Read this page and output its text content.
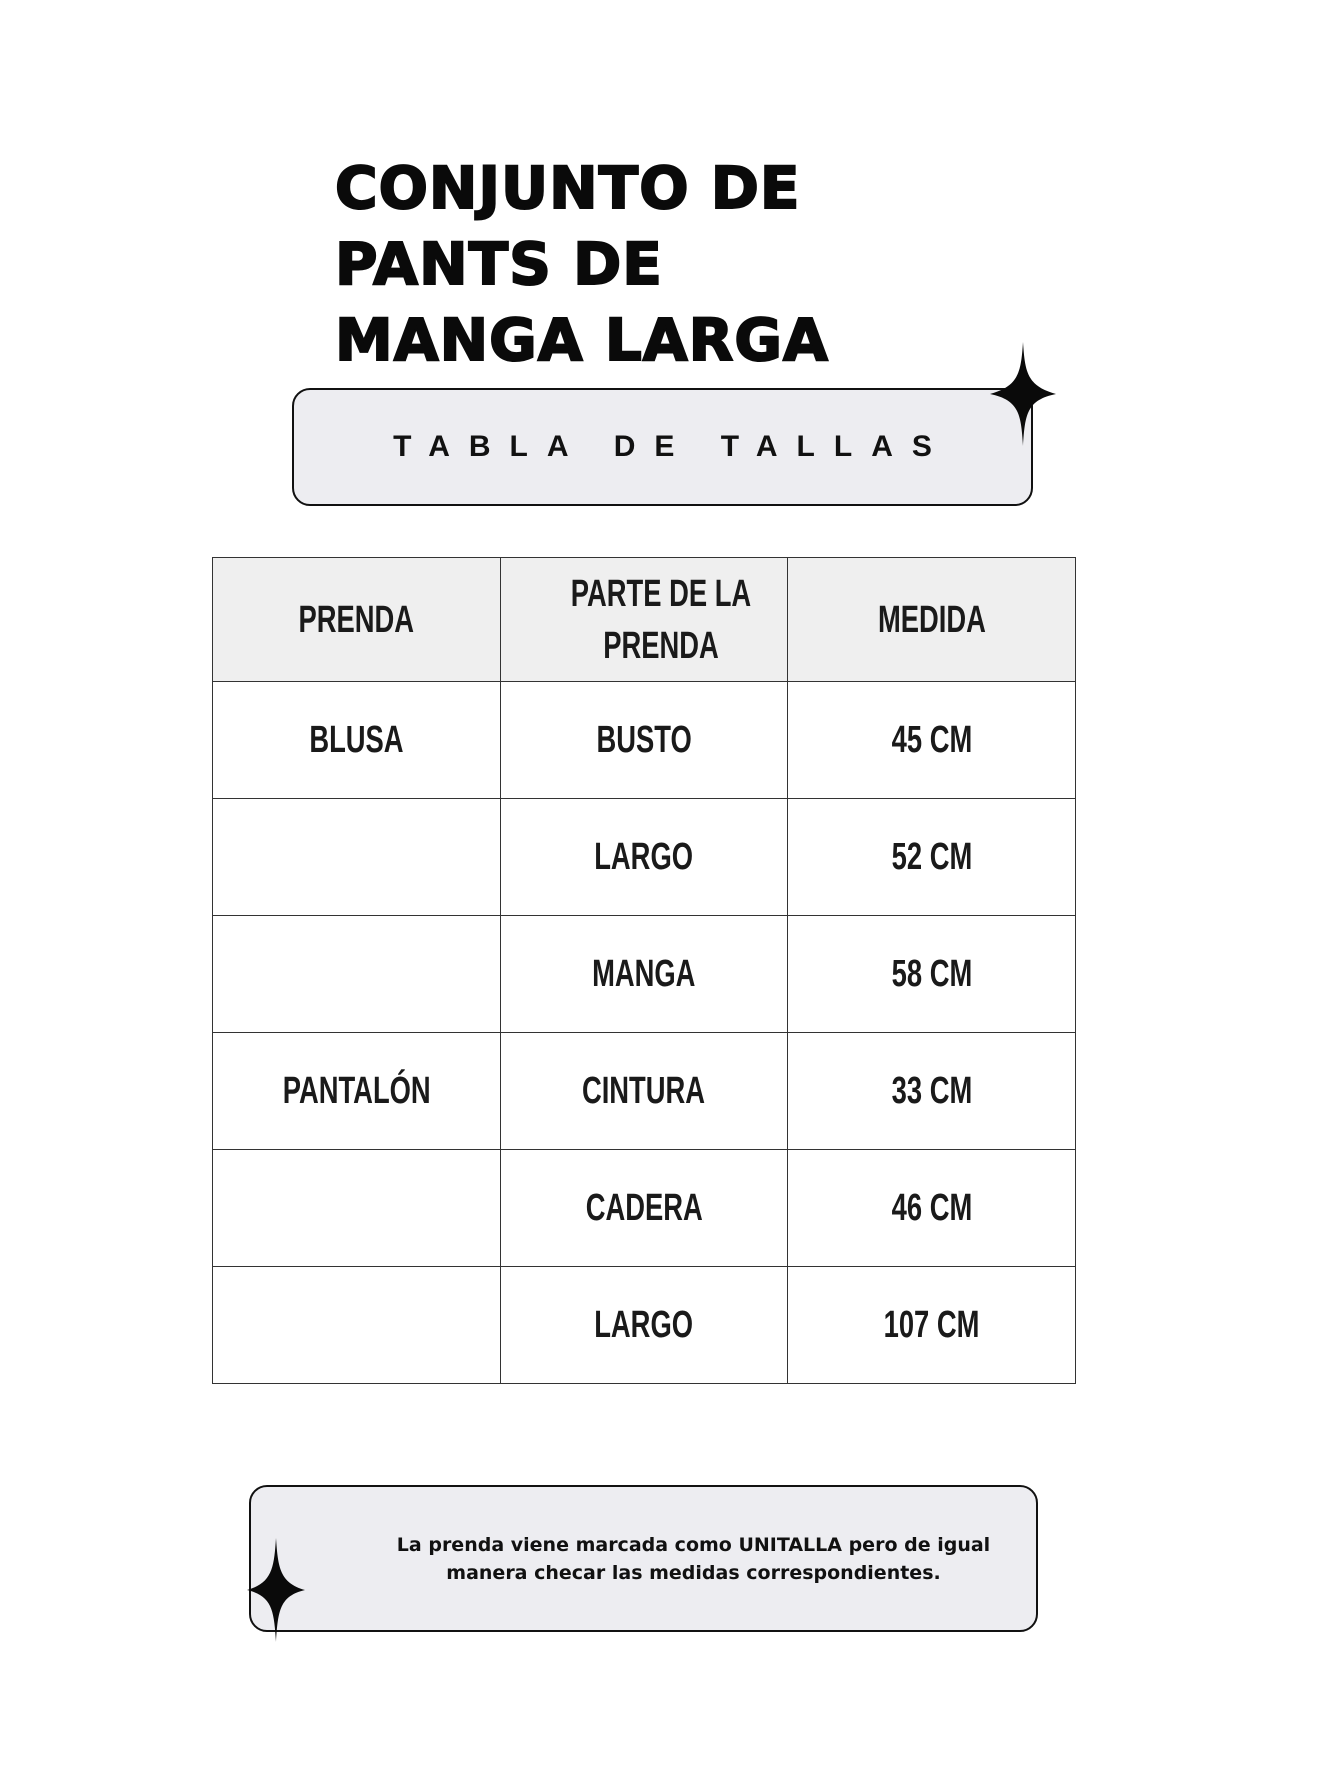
CONJUNTO DE
PANTS DE
MANGA LARGA
TABLA DE TALLAS
PRENDA	PARTE DE LA PRENDA	MEDIDA
BLUSA	BUSTO	45 CM
	LARGO	52 CM
	MANGA	58 CM
PANTALÓN	CINTURA	33 CM
	CADERA	46 CM
	LARGO	107 CM

La prenda viene marcada como UNITALLA pero de igual manera checar las medidas correspondientes.
